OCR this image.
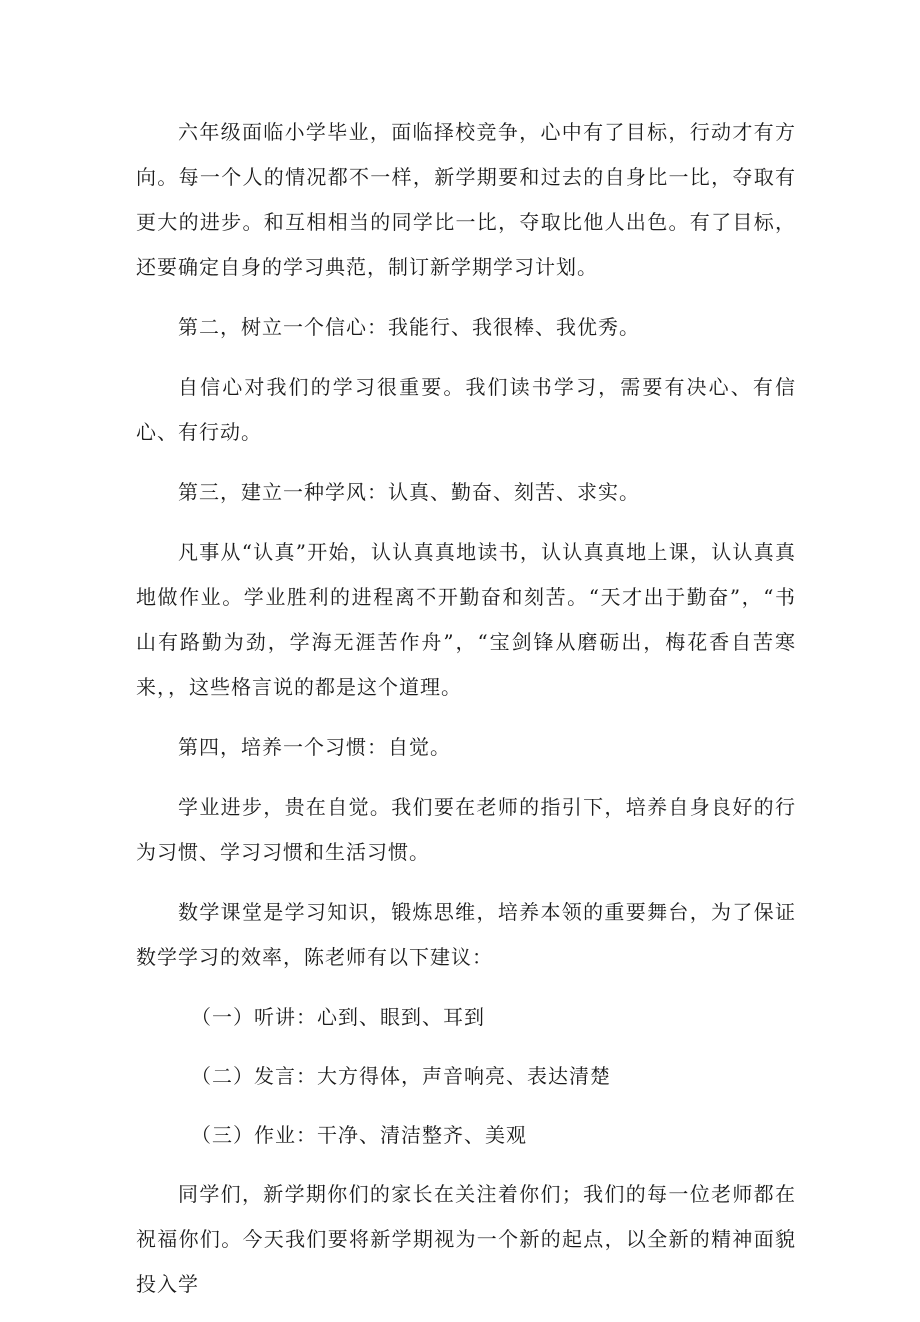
六年级面临小学毕业，面临择校竞争，心中有了目标，行动才有方向。每一个人的情况都不一样，新学期要和过去的自身比一比，夺取有更大的进步。和互相相当的同学比一比，夺取比他人出色。有了目标，还要确定自身的学习典范，制订新学期学习计划。

第二，树立一个信心：我能行、我很棒、我优秀。

自信心对我们的学习很重要。我们读书学习，需要有决心、有信心、有行动。

第三，建立一种学风：认真、勤奋、刻苦、求实。

凡事从“认真”开始，认认真真地读书，认认真真地上课，认认真真地做作业。学业胜利的进程离不开勤奋和刻苦。“天才出于勤奋”，“书山有路勤为劲，学海无涯苦作舟”，“宝剑锋从磨砺出，梅花香自苦寒来，，这些格言说的都是这个道理。

第四，培养一个习惯：自觉。

学业进步，贵在自觉。我们要在老师的指引下，培养自身良好的行为习惯、学习习惯和生活习惯。

数学课堂是学习知识，锻炼思维，培养本领的重要舞台，为了保证数学学习的效率，陈老师有以下建议：

（一）听讲：心到、眼到、耳到

（二）发言：大方得体，声音响亮、表达清楚

（三）作业：干净、清洁整齐、美观

同学们，新学期你们的家长在关注着你们；我们的每一位老师都在祝福你们。今天我们要将新学期视为一个新的起点，以全新的精神面貌投入学
